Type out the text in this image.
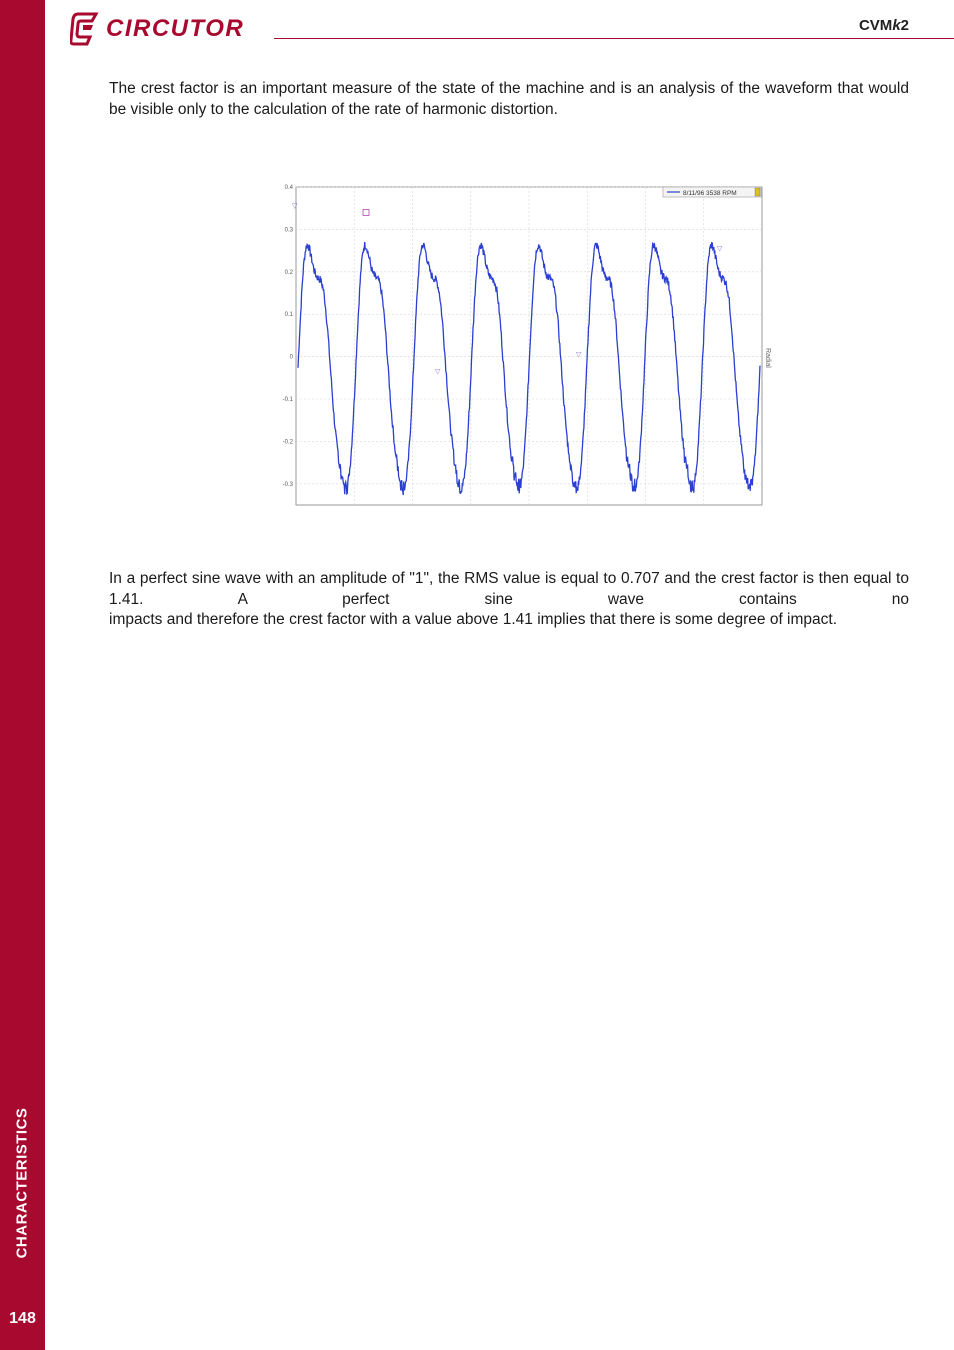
CHARACTERISTICS
148
CIRCUTOR	CVMk2

The crest factor is an important measure of the state of the machine and is an analysis of the waveform that would be visible only to the calculation of the rate of harmonic distortion.

0.4
0.3
0.2
0.1
0
-0.1
-0.2
-0.3
▽
▽
▽
▽
8/11/96 3538 RPM
Radial
In a perfect sine wave with an amplitude of "1", the RMS value is equal to 0.707 and the crest factor is then equal to 1.41. A perfect sine wave contains no
impacts and therefore the crest factor with a value above 1.41 implies that there is some degree of impact.
